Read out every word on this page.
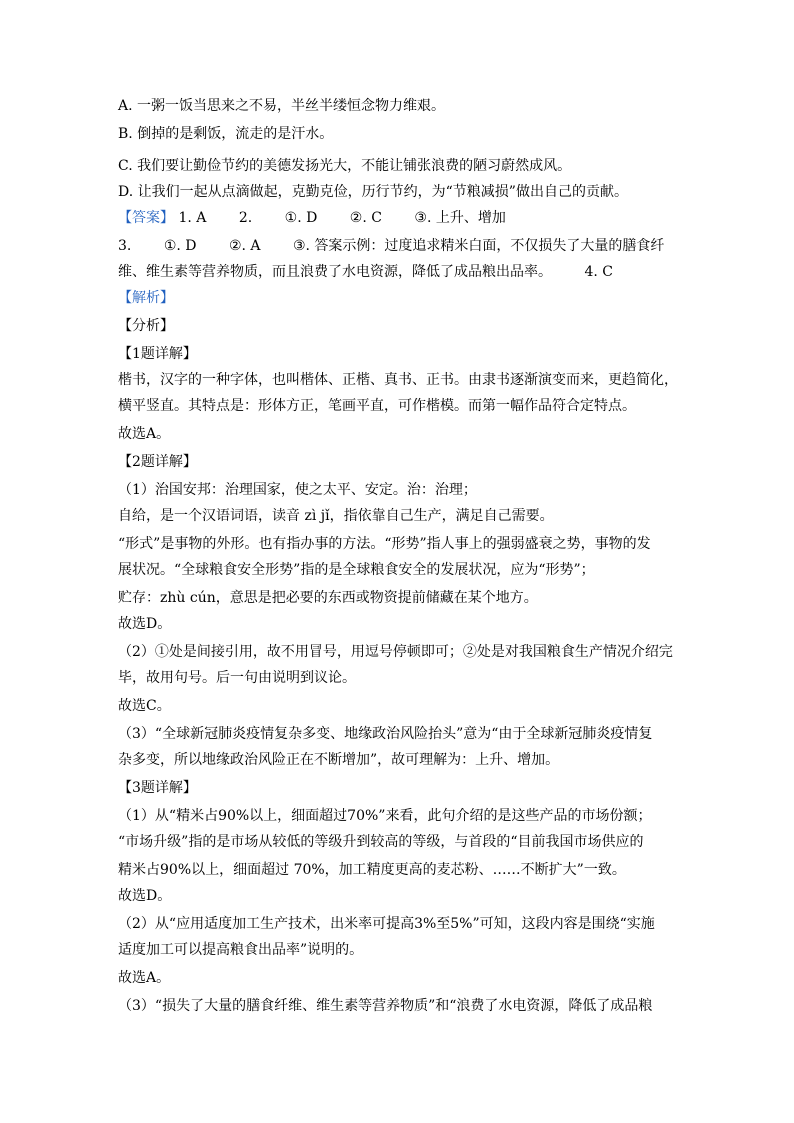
A. 一粥一饭当思来之不易，半丝半缕恒念物力维艰。
B. 倒掉的是剩饭，流走的是汗水。
C. 我们要让勤俭节约的美德发扬光大，不能让铺张浪费的陋习蔚然成风。
D. 让我们一起从点滴做起，克勤克俭，历行节约，为“节粮减损”做出自己的贡献。
【答案】 1. A 2. ①. D ②. C ③. 上升、增加
3. ①. D ②. A ③. 答案示例：过度追求精米白面，不仅损失了大量的膳食纤
维、维生素等营养物质，而且浪费了水电资源，降低了成品粮出品率。 4. C
【解析】
【分析】
【1题详解】
楷书，汉字的一种字体，也叫楷体、正楷、真书、正书。由隶书逐渐演变而来，更趋简化，
横平竖直。其特点是：形体方正，笔画平直，可作楷模。而第一幅作品符合定特点。
故选A。
【2题详解】
（1）治国安邦：治理国家，使之太平、安定。治：治理；
自给，是一个汉语词语，读音 zì jǐ，指依靠自己生产，满足自己需要。
“形式”是事物的外形。也有指办事的方法。“形势”指人事上的强弱盛衰之势，事物的发
展状况。“全球粮食安全形势”指的是全球粮食安全的发展状况，应为“形势”；
贮存：zhù cún，意思是把必要的东西或物资提前储藏在某个地方。
故选D。
（2）①处是间接引用，故不用冒号，用逗号停顿即可；②处是对我国粮食生产情况介绍完
毕，故用句号。后一句由说明到议论。
故选C。
（3）“全球新冠肺炎疫情复杂多变、地缘政治风险抬头”意为“由于全球新冠肺炎疫情复
杂多变，所以地缘政治风险正在不断增加”，故可理解为：上升、增加。
【3题详解】
（1）从“精米占90%以上，细面超过70%”来看，此句介绍的是这些产品的市场份额；
“市场升级”指的是市场从较低的等级升到较高的等级，与首段的“目前我国市场供应的
精米占90%以上，细面超过 70%，加工精度更高的麦芯粉、……不断扩大”一致。
故选D。
（2）从“应用适度加工生产技术，出米率可提高3%至5%”可知，这段内容是围绕“实施
适度加工可以提高粮食出品率”说明的。
故选A。
（3）“损失了大量的膳食纤维、维生素等营养物质”和“浪费了水电资源，降低了成品粮
